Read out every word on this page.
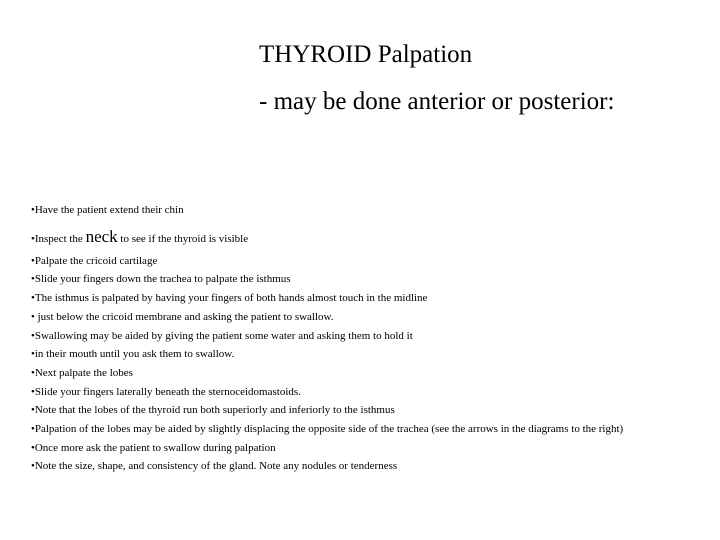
THYROID Palpation
- may be done anterior or posterior:
•Have the patient extend their chin
•Inspect the neck to see if the thyroid is visible
•Palpate the cricoid cartilage
•Slide your fingers down the trachea to palpate the isthmus
•The isthmus is palpated by having your fingers of both hands almost touch in the midline
• just below the cricoid membrane and asking the patient to swallow.
•Swallowing may be aided by giving the patient some water and asking them to hold it
•in their mouth until you ask them to swallow.
•Next palpate the lobes
•Slide your fingers laterally beneath the sternoceidomastoids.
•Note that the lobes of the thyroid run both superiorly and inferiorly to the isthmus
•Palpation of the lobes may be aided by slightly displacing the opposite side of the trachea (see the arrows in the diagrams to the right)
•Once more ask the patient to swallow during palpation
•Note the size, shape, and consistency of the gland. Note any nodules or tenderness
